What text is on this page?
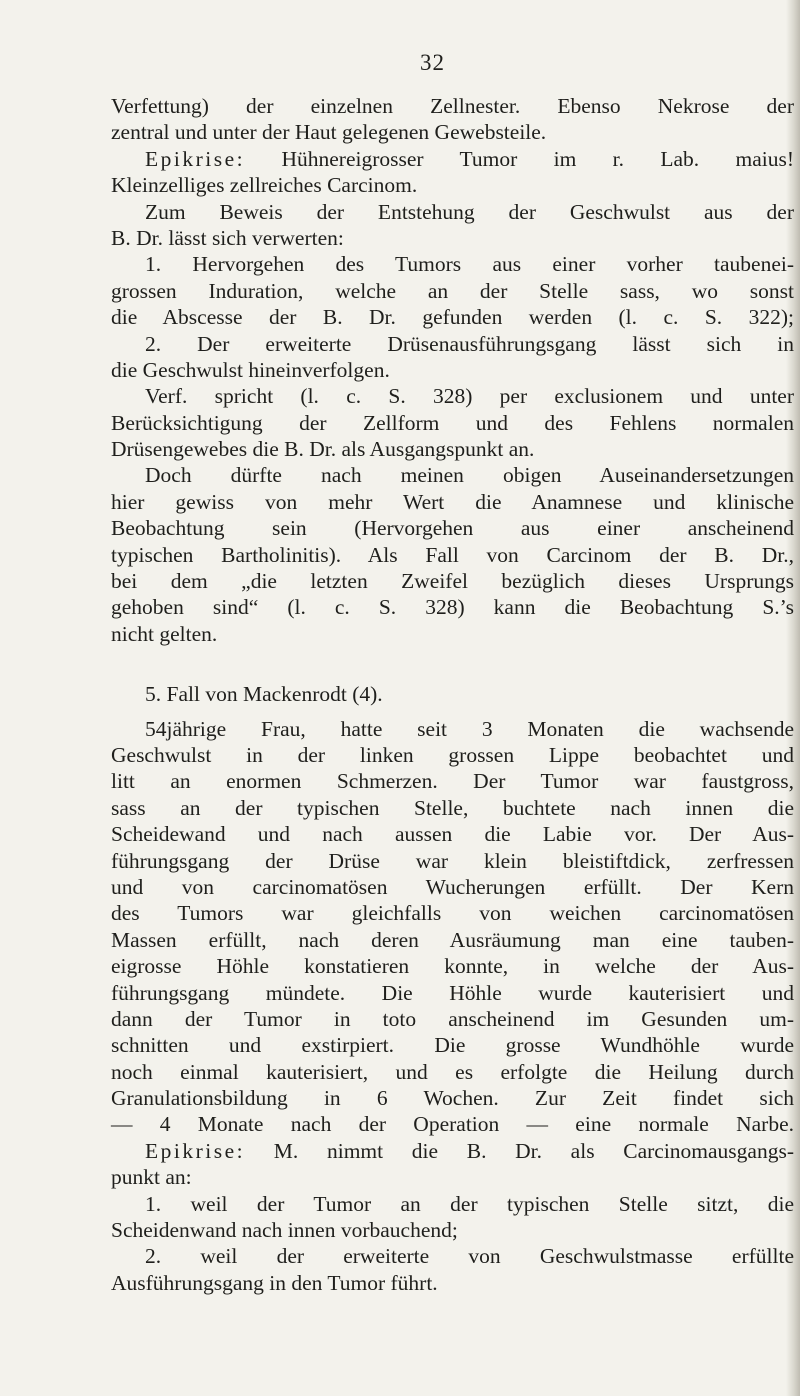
32
Verfettung) der einzelnen Zellnester. Ebenso Nekrose der
zentral und unter der Haut gelegenen Gewebsteile.
Epikrise: Hühnereigrosser Tumor im r. Lab. maius!
Kleinzelliges zellreiches Carcinom.
Zum Beweis der Entstehung der Geschwulst aus der
B. Dr. lässt sich verwerten:
1. Hervorgehen des Tumors aus einer vorher taubenei-
grossen Induration, welche an der Stelle sass, wo sonst
die Abscesse der B. Dr. gefunden werden (l. c. S. 322);
2. Der erweiterte Drüsenausführungsgang lässt sich in
die Geschwulst hineinverfolgen.
Verf. spricht (l. c. S. 328) per exclusionem und unter
Berücksichtigung der Zellform und des Fehlens normalen
Drüsengewebes die B. Dr. als Ausgangspunkt an.
Doch dürfte nach meinen obigen Auseinandersetzungen
hier gewiss von mehr Wert die Anamnese und klinische
Beobachtung sein (Hervorgehen aus einer anscheinend
typischen Bartholinitis). Als Fall von Carcinom der B. Dr.,
bei dem „die letzten Zweifel bezüglich dieses Ursprungs
gehoben sind“ (l. c. S. 328) kann die Beobachtung S.’s
nicht gelten.
5. Fall von Mackenrodt (4).
54jährige Frau, hatte seit 3 Monaten die wachsende
Geschwulst in der linken grossen Lippe beobachtet und
litt an enormen Schmerzen. Der Tumor war faustgross,
sass an der typischen Stelle, buchtete nach innen die
Scheidewand und nach aussen die Labie vor. Der Aus-
führungsgang der Drüse war klein bleistiftdick, zerfressen
und von carcinomatösen Wucherungen erfüllt. Der Kern
des Tumors war gleichfalls von weichen carcinomatösen
Massen erfüllt, nach deren Ausräumung man eine tauben-
eigrosse Höhle konstatieren konnte, in welche der Aus-
führungsgang mündete. Die Höhle wurde kauterisiert und
dann der Tumor in toto anscheinend im Gesunden um-
schnitten und exstirpiert. Die grosse Wundhöhle wurde
noch einmal kauterisiert, und es erfolgte die Heilung durch
Granulationsbildung in 6 Wochen. Zur Zeit findet sich
— 4 Monate nach der Operation — eine normale Narbe.
Epikrise: M. nimmt die B. Dr. als Carcinomausgangs-
punkt an:
1. weil der Tumor an der typischen Stelle sitzt, die
Scheidenwand nach innen vorbauchend;
2. weil der erweiterte von Geschwulstmasse erfüllte
Ausführungsgang in den Tumor führt.
